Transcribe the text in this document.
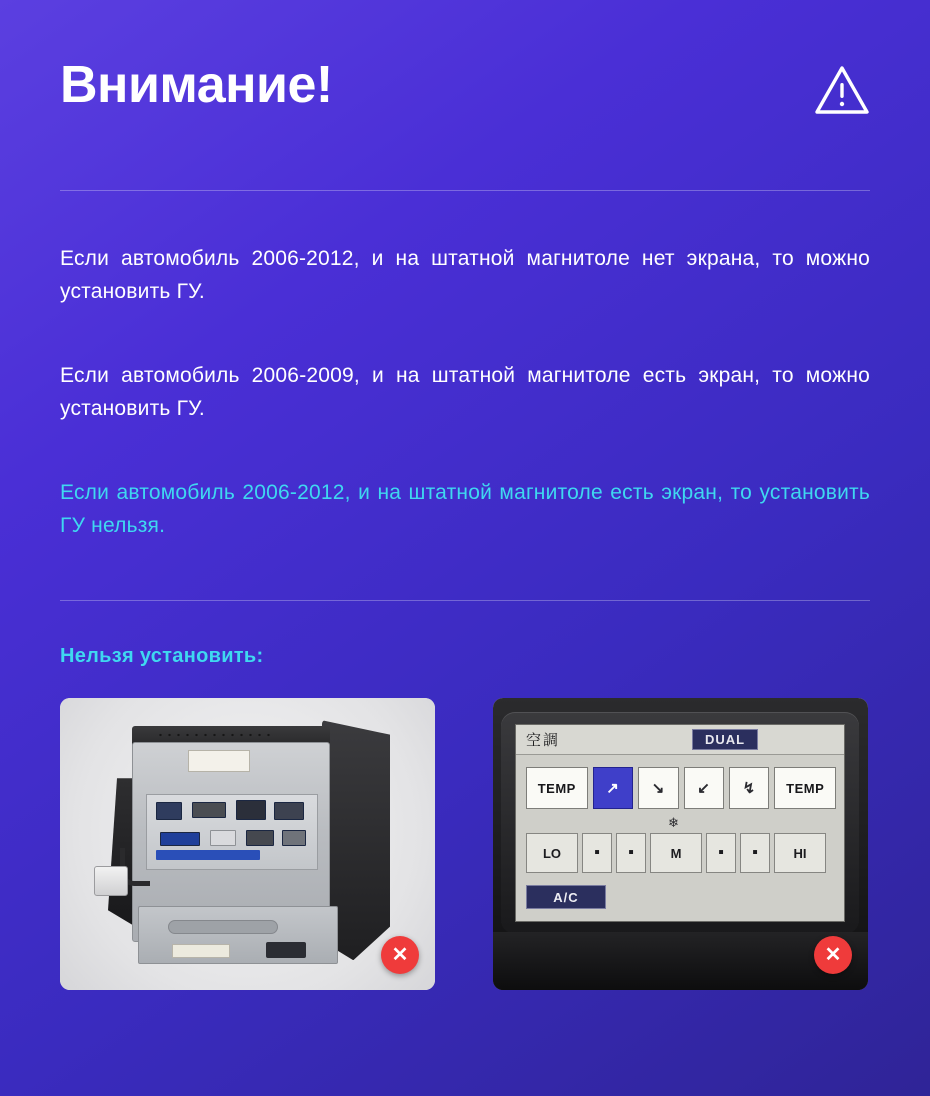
Внимание!

Если автомобиль 2006-2012, и на штатной магнитоле нет экрана, то можно установить ГУ.

Если автомобиль 2006-2009, и на штатной магнитоле есть экран, то можно установить ГУ.

Если автомобиль 2006-2012, и на штатной магнитоле есть экран, то установить ГУ нельзя.

Нельзя установить:
✕
空調	DUAL
TEMP	↗	↘	↙	↯	TEMP
❄
LO	▪	▪	M	▪	▪	HI
A/C
✕
